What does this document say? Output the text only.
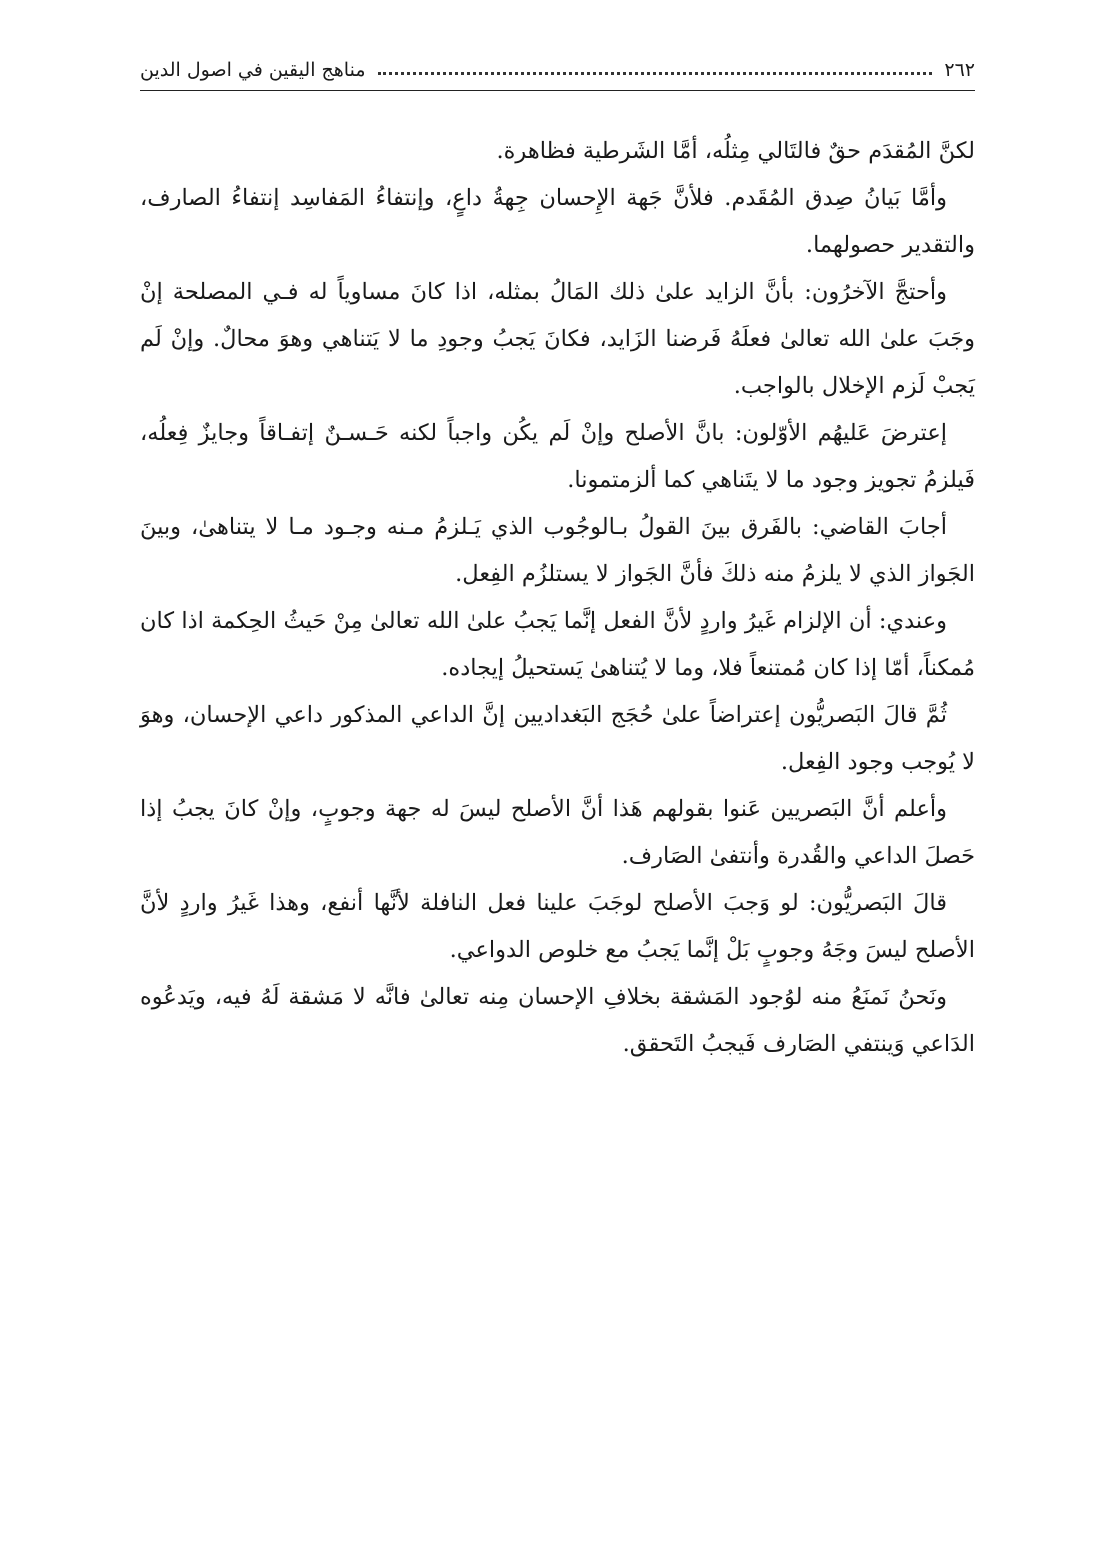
٢٦٢
مناهج اليقين في اصول الدين

لكنَّ المُقدَم حقٌ فالتَالي مِثلُه، أمَّا الشَرطية فظاهرة.

وأمَّا بَيانُ صِدق المُقَدم. فلأنَّ جَهة الإِحسان جِهةُ داعٍ، وإنتفاءُ المَفاسِد إنتفاءُ الصارف، والتقدير حصولهما.

وأحتجَّ الآخرُون: بأنَّ الزايد علىٰ ذلك المَالُ بمثله، اذا كانَ مساوياً له فـي المصلحة إنْ وجَبَ علىٰ الله تعالىٰ فعلَهُ فَرضنا الزَايد، فكانَ يَجبُ وجودِ ما لا يَتناهي وهوَ محالٌ. وإنْ لَم يَجبْ لَزم الإخلال بالواجب.

إعترضَ عَليهُم الأوّلون: بانَّ الأصلح وإنْ لَم يكُن واجباً لكنه حَـسـنٌ إتفـاقاً وجايزٌ فِعلُه، فَيلزمُ تجويز وجود ما لا يتَناهي كما ألزمتمونا.

أجابَ القاضي: بالفَرق بينَ القولُ بـالوجُوب الذي يَـلزمُ مـنه وجـود مـا لا يتناهىٰ، وبينَ الجَواز الذي لا يلزمُ منه ذلكَ فأنَّ الجَواز لا يستلزُم الفِعل.

وعندي: أن الإلزام غَيرُ واردٍ لأنَّ الفعل إنَّما يَجبُ علىٰ الله تعالىٰ مِنْ حَيثُ الحِكمة اذا كان مُمكناً، أمّا إذا كان مُمتنعاً فلا، وما لا يُتناهىٰ يَستحيلُ إيجاده.

ثُمَّ قالَ البَصريُّون إعتراضاً علىٰ حُجَج البَغداديين إنَّ الداعي المذكور داعي الإحسان، وهوَ لا يُوجب وجود الفِعل.

وأعلم أنَّ البَصريين عَنوا بقولهم هَذا أنَّ الأصلح ليسَ له جهة وجوبٍ، وإنْ كانَ يجبُ إذا حَصلَ الداعي والقُدرة وأنتفىٰ الصَارف.

قالَ البَصريُّون: لو وَجبَ الأصلح لوجَبَ علينا فعل النافلة لأنَّها أنفع، وهذا غَيرُ واردٍ لأنَّ الأصلح ليسَ وجَهُ وجوبٍ بَلْ إنَّما يَجبُ مع خلوص الدواعي.

ونَحنُ نَمنَعُ منه لوُجود المَشقة بخلافِ الإحسان مِنه تعالىٰ فانَّه لا مَشقة لَهُ فيه، ويَدعُوه الدَاعي وَينتفي الصَارف فَيجبُ التَحقق.
